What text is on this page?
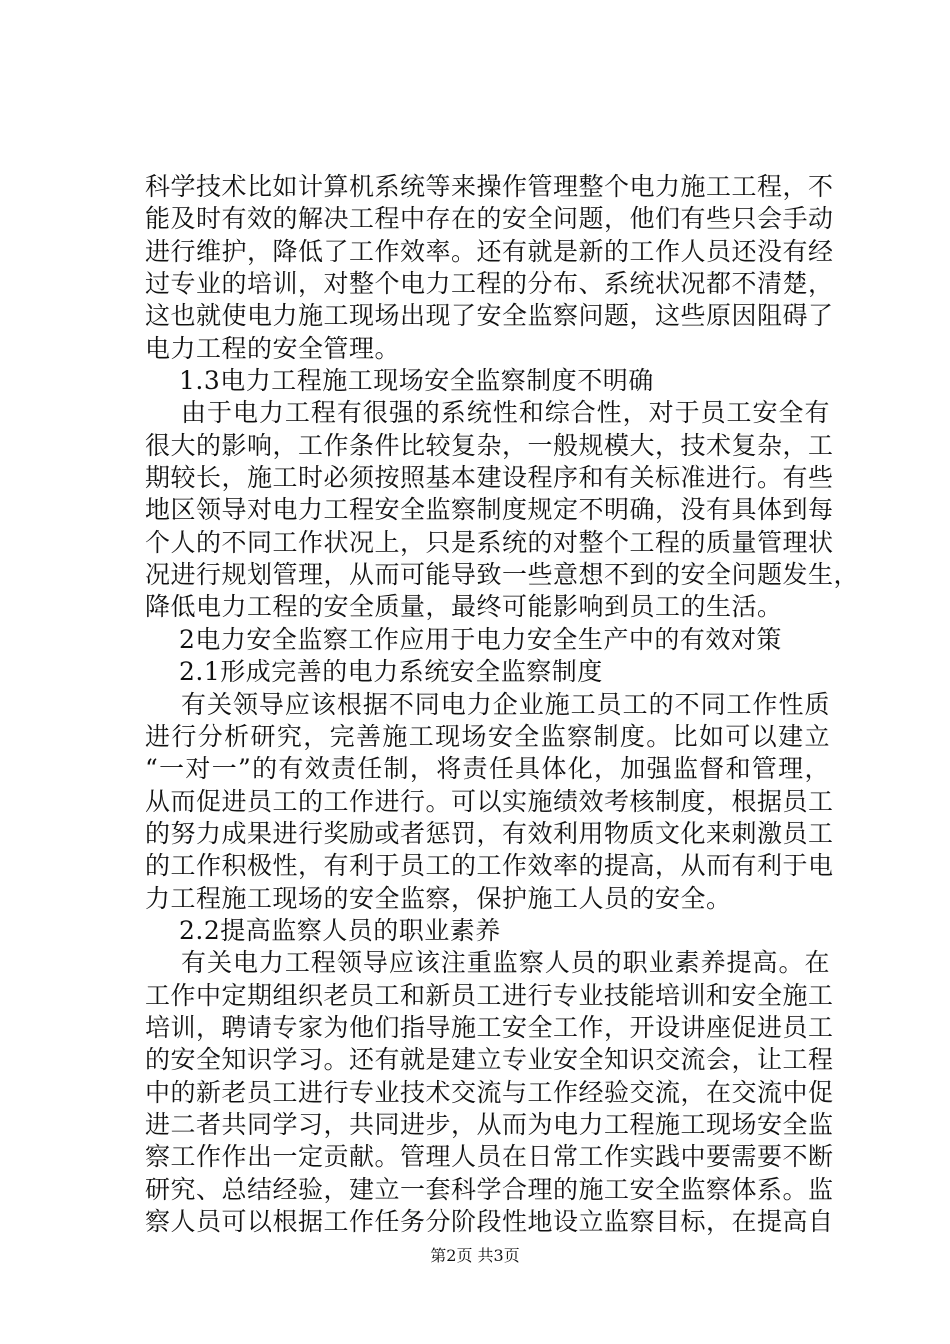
科学技术比如计算机系统等来操作管理整个电力施工工程，不
能及时有效的解决工程中存在的安全问题，他们有些只会手动
进行维护，降低了工作效率。还有就是新的工作人员还没有经
过专业的培训，对整个电力工程的分布、系统状况都不清楚，
这也就使电力施工现场出现了安全监察问题，这些原因阻碍了
电力工程的安全管理。
1.3电力工程施工现场安全监察制度不明确
由于电力工程有很强的系统性和综合性，对于员工安全有
很大的影响，工作条件比较复杂，一般规模大，技术复杂，工
期较长，施工时必须按照基本建设程序和有关标准进行。有些
地区领导对电力工程安全监察制度规定不明确，没有具体到每
个人的不同工作状况上，只是系统的对整个工程的质量管理状
况进行规划管理，从而可能导致一些意想不到的安全问题发生，
降低电力工程的安全质量，最终可能影响到员工的生活。
2电力安全监察工作应用于电力安全生产中的有效对策
2.1形成完善的电力系统安全监察制度
有关领导应该根据不同电力企业施工员工的不同工作性质
进行分析研究，完善施工现场安全监察制度。比如可以建立
“一对一”的有效责任制，将责任具体化，加强监督和管理，
从而促进员工的工作进行。可以实施绩效考核制度，根据员工
的努力成果进行奖励或者惩罚，有效利用物质文化来刺激员工
的工作积极性，有利于员工的工作效率的提高，从而有利于电
力工程施工现场的安全监察，保护施工人员的安全。
2.2提高监察人员的职业素养
有关电力工程领导应该注重监察人员的职业素养提高。在
工作中定期组织老员工和新员工进行专业技能培训和安全施工
培训，聘请专家为他们指导施工安全工作，开设讲座促进员工
的安全知识学习。还有就是建立专业安全知识交流会，让工程
中的新老员工进行专业技术交流与工作经验交流，在交流中促
进二者共同学习，共同进步，从而为电力工程施工现场安全监
察工作作出一定贡献。管理人员在日常工作实践中要需要不断
研究、总结经验，建立一套科学合理的施工安全监察体系。监
察人员可以根据工作任务分阶段性地设立监察目标，在提高自
第2页 共3页
